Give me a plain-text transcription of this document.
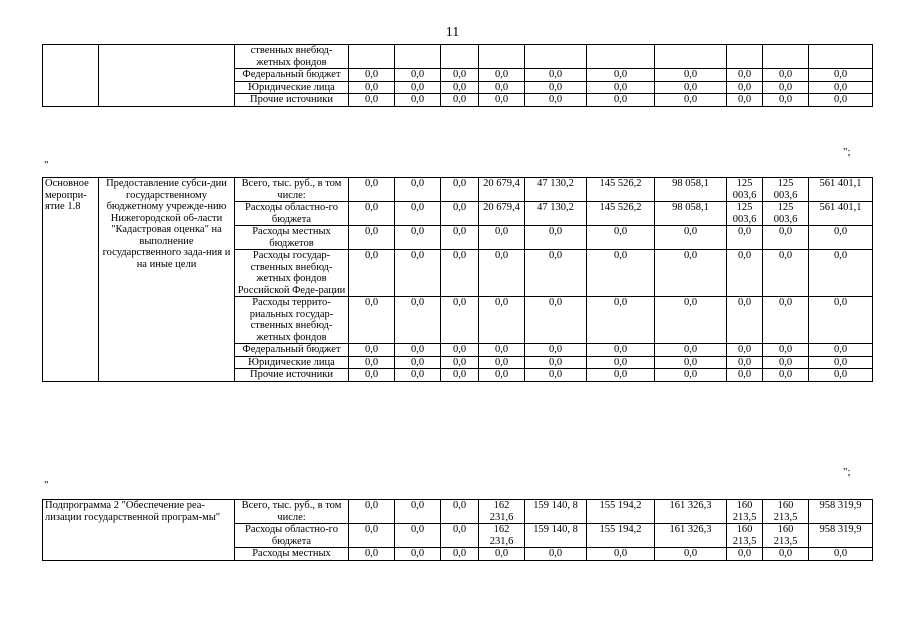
11
		ственных внебюд-жетных фондов										
		Федеральный бюджет	0,0	0,0	0,0	0,0	0,0	0,0	0,0	0,0	0,0	0,0
		Юридические лица	0,0	0,0	0,0	0,0	0,0	0,0	0,0	0,0	0,0	0,0
		Прочие источники	0,0	0,0	0,0	0,0	0,0	0,0	0,0	0,0	0,0	0,0
";
"
Основное меропри-ятие 1.8	Предоставление субси-дии государственному бюджетному учрежде-нию Нижегородской об-ласти "Кадастровая оценка" на выполнение государственного зада-ния и на иные цели	Всего, тыс. руб., в том числе:	0,0	0,0	0,0	20 679,4	47 130,2	145 526,2	98 058,1	125 003,6	125 003,6	561 401,1
		Расходы областно-го бюджета	0,0	0,0	0,0	20 679,4	47 130,2	145 526,2	98 058,1	125 003,6	125 003,6	561 401,1
		Расходы местных бюджетов	0,0	0,0	0,0	0,0	0,0	0,0	0,0	0,0	0,0	0,0
		Расходы государ-ственных внебюд-жетных фондов Российской Феде-рации	0,0	0,0	0,0	0,0	0,0	0,0	0,0	0,0	0,0	0,0
		Расходы террито-риальных государ-ственных внебюд-жетных фондов	0,0	0,0	0,0	0,0	0,0	0,0	0,0	0,0	0,0	0,0
		Федеральный бюджет	0,0	0,0	0,0	0,0	0,0	0,0	0,0	0,0	0,0	0,0
		Юридические лица	0,0	0,0	0,0	0,0	0,0	0,0	0,0	0,0	0,0	0,0
		Прочие источники	0,0	0,0	0,0	0,0	0,0	0,0	0,0	0,0	0,0	0,0
";
"
Подпрограмма 2 "Обеспечение реа-лизации государственной програм-мы"	Всего, тыс. руб., в том числе:	0,0	0,0	0,0	162 231,6	159 140, 8	155 194,2	161 326,3	160 213,5	160 213,5	958 319,9
	Расходы областно-го бюджета	0,0	0,0	0,0	162 231,6	159 140, 8	155 194,2	161 326,3	160 213,5	160 213,5	958 319,9
	Расходы местных	0,0	0,0	0,0	0,0	0,0	0,0	0,0	0,0	0,0	0,0
